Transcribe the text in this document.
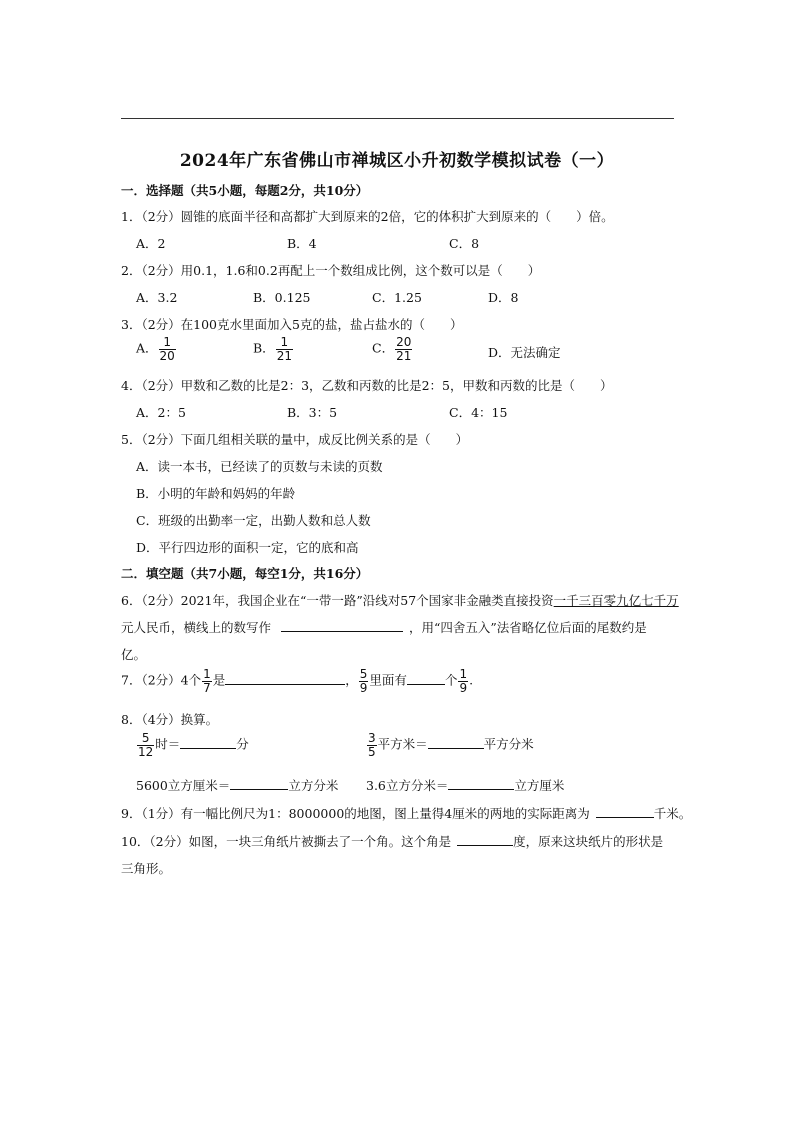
2024年广东省佛山市禅城区小升初数学模拟试卷（一）
一．选择题（共5小题，每题2分，共10分）
1．（2分）圆锥的底面半径和高都扩大到原来的2倍，它的体积扩大到原来的（　　）倍。
A．2	B．4	C．8
2．（2分）用0.1，1.6和0.2再配上一个数组成比例，这个数可以是（　　）
A．3.2	B．0.125	C．1.25	D．8
3．（2分）在100克水里面加入5克的盐，盐占盐水的（　　）
A． $\frac{1}{20}$	B． $\frac{1}{21}$	C． $\frac{20}{21}$	D．无法确定
4．（2分）甲数和乙数的比是2：3，乙数和丙数的比是2：5，甲数和丙数的比是（　　）
A．2：5	B．3：5	C．4：15
5．（2分）下面几组相关联的量中，成反比例关系的是（　　）
A．读一本书，已经读了的页数与未读的页数
B．小明的年龄和妈妈的年龄
C．班级的出勤率一定，出勤人数和总人数
D．平行四边形的面积一定，它的底和高
二．填空题（共7小题，每空1分，共16分）
6．（2分）2021年，我国企业在“一带一路”沿线对57个国家非金融类直接投资一千三百零九亿七千万
元人民币，横线上的数写作	，用“四舍五入”法省略亿位后面的尾数约是
亿。
7．（2分）4个 $\frac{1}{7}$ 是	， $\frac{5}{9}$ 里面有	个 $\frac{1}{9}$ .
8．（4分）换算。
$\frac{5}{12}$ 时＝	分	$\frac{3}{5}$ 平方米＝	平方分米
5600立方厘米＝	立方分米 3.6立方分米＝	立方厘米
9．（1分）有一幅比例尺为1：8000000的地图，图上量得4厘米的两地的实际距离为	千米。
10．（2分）如图，一块三角纸片被撕去了一个角。这个角是	度，原来这块纸片的形状是
三角形。
